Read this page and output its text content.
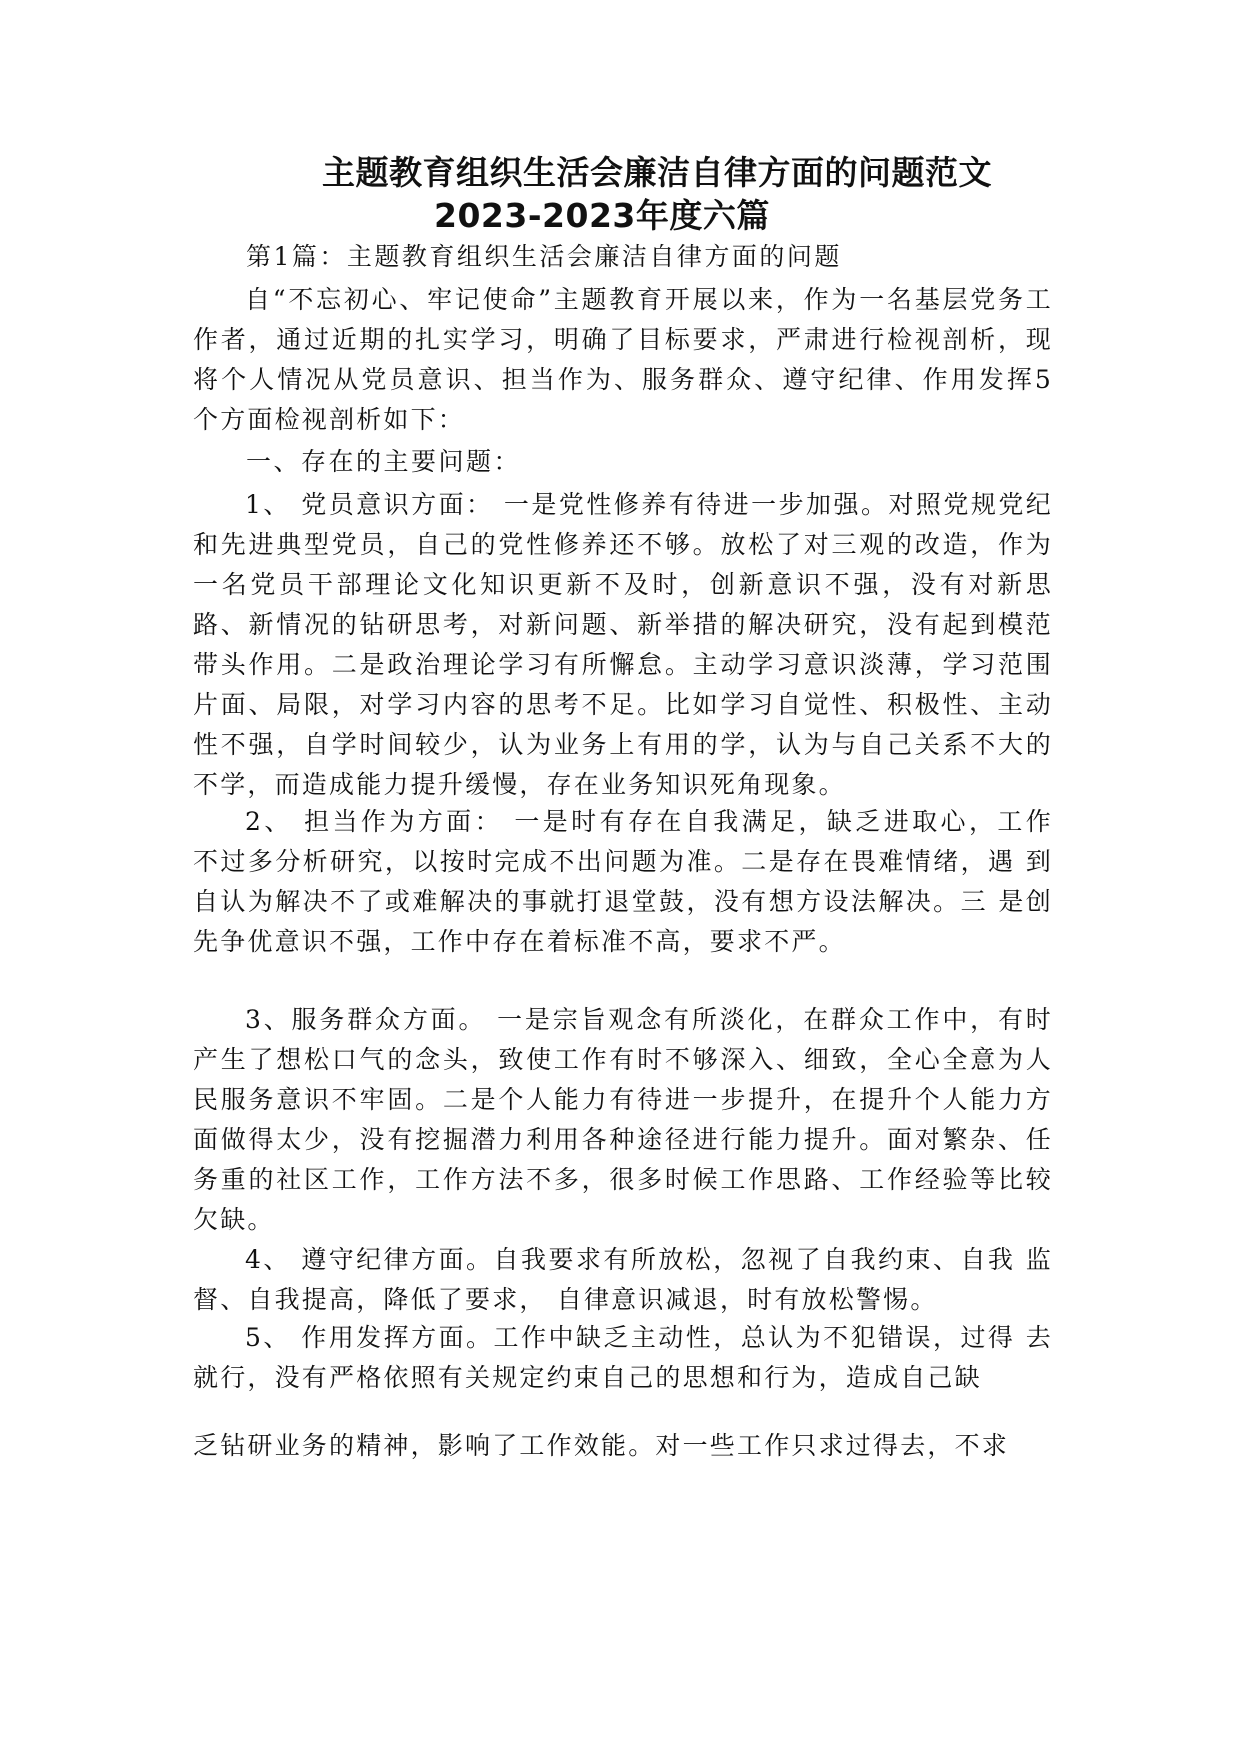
主题教育组织生活会廉洁自律方面的问题范文
2023-2023年度六篇
第1篇：主题教育组织生活会廉洁自律方面的问题

自“不忘初心、牢记使命”主题教育开展以来，作为一名基层党务工作者，通过近期的扎实学习，明确了目标要求，严肃进行检视剖析，现将个人情况从党员意识、担当作为、服务群众、遵守纪律、作用发挥5个方面检视剖析如下：

一、存在的主要问题：

1、 党员意识方面： 一是党性修养有待进一步加强。对照党规党纪和先进典型党员，自己的党性修养还不够。放松了对三观的改造，作为一名党员干部理论文化知识更新不及时，创新意识不强，没有对新思路、新情况的钻研思考，对新问题、新举措的解决研究，没有起到模范带头作用。二是政治理论学习有所懈怠。主动学习意识淡薄，学习范围片面、局限，对学习内容的思考不足。比如学习自觉性、积极性、主动性不强，自学时间较少，认为业务上有用的学，认为与自己关系不大的不学，而造成能力提升缓慢，存在业务知识死角现象。

2、 担当作为方面： 一是时有存在自我满足，缺乏进取心，工作 不过多分析研究，以按时完成不出问题为准。二是存在畏难情绪，遇 到自认为解决不了或难解决的事就打退堂鼓，没有想方设法解决。三 是创先争优意识不强，工作中存在着标准不高，要求不严。

3、服务群众方面。 一是宗旨观念有所淡化，在群众工作中，有时产生了想松口气的念头，致使工作有时不够深入、细致，全心全意为人民服务意识不牢固。二是个人能力有待进一步提升，在提升个人能力方面做得太少，没有挖掘潜力利用各种途径进行能力提升。面对繁杂、任务重的社区工作，工作方法不多，很多时候工作思路、工作经验等比较欠缺。

4、 遵守纪律方面。自我要求有所放松，忽视了自我约束、自我 监督、自我提高，降低了要求， 自律意识减退，时有放松警惕。

5、 作用发挥方面。工作中缺乏主动性，总认为不犯错误，过得 去就行，没有严格依照有关规定约束自己的思想和行为，造成自己缺

乏钻研业务的精神，影响了工作效能。对一些工作只求过得去，不求
